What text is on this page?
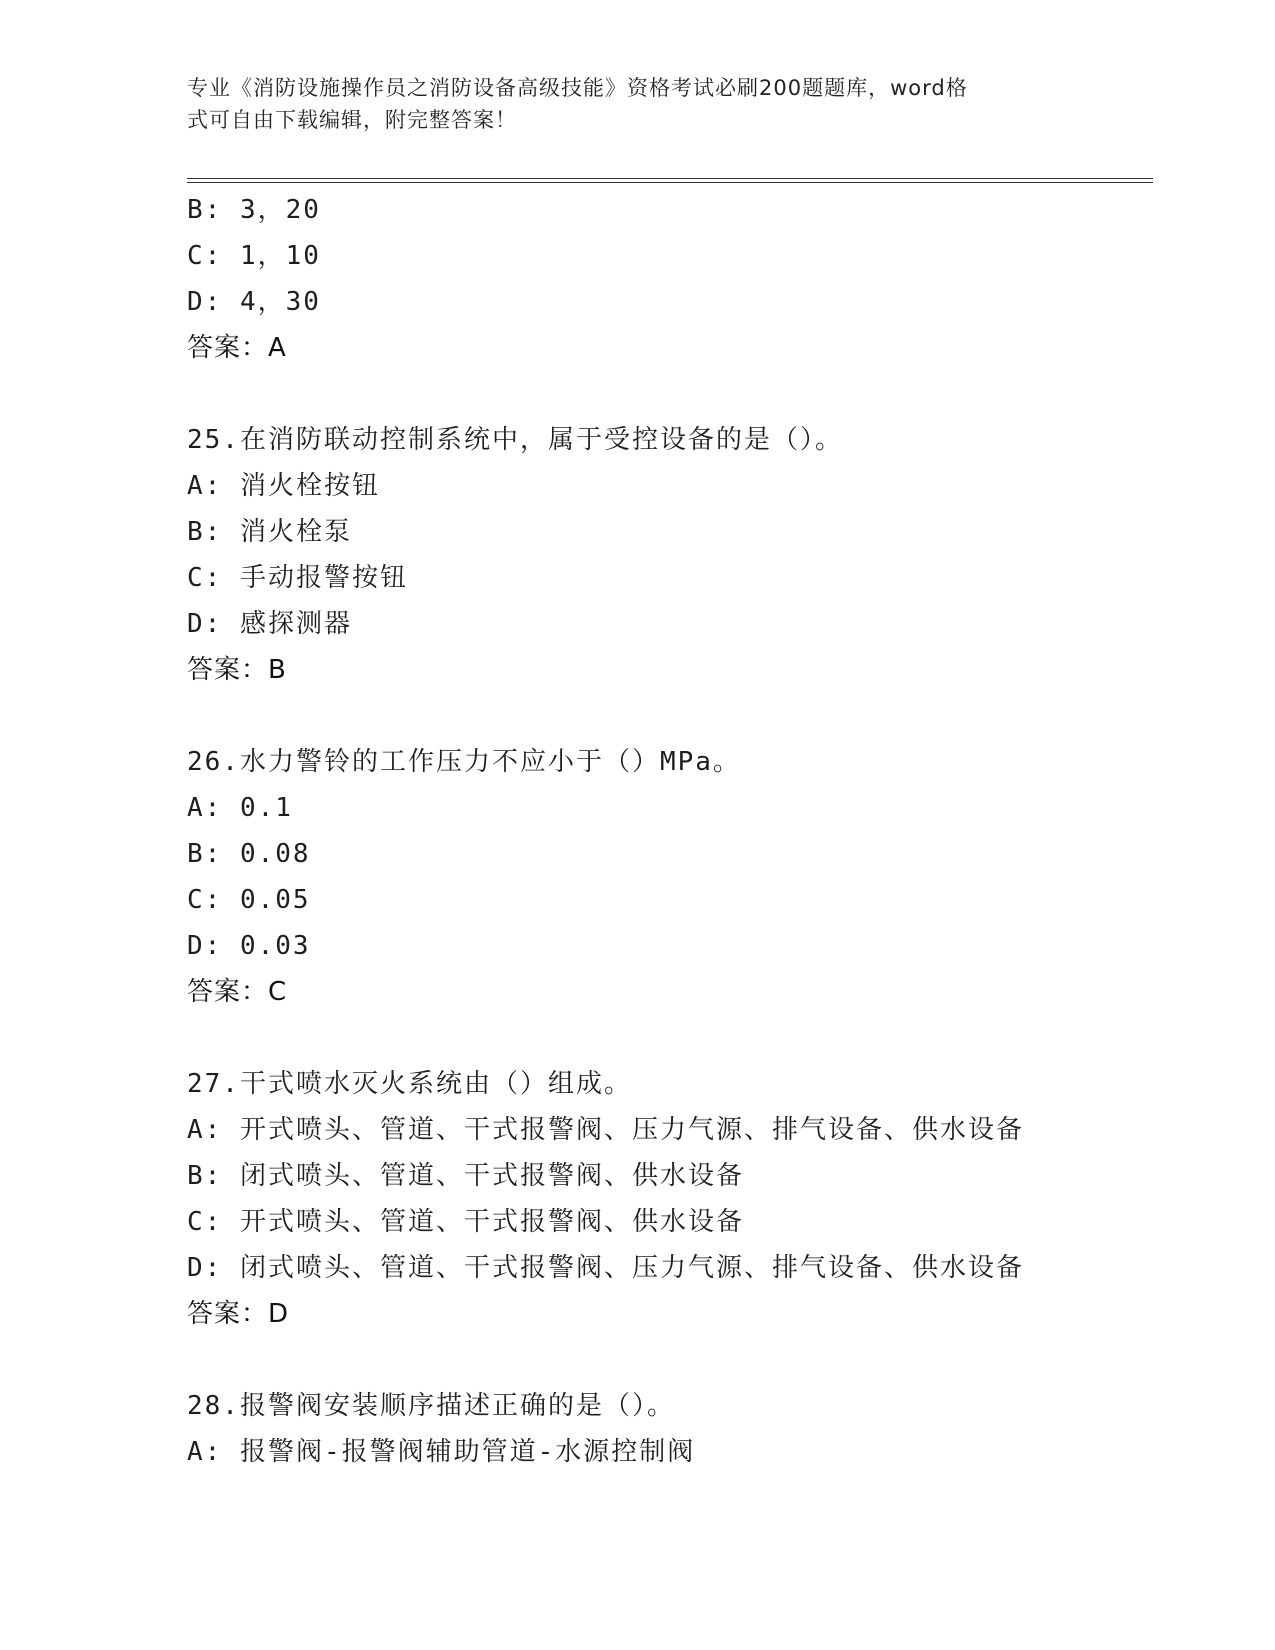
专业《消防设施操作员之消防设备高级技能》资格考试必刷200题题库，word格
式可自由下载编辑，附完整答案！
B: 3，20
C: 1，10
D: 4，30
答案：A
25.在消防联动控制系统中，属于受控设备的是（）。
A: 消火栓按钮
B: 消火栓泵
C: 手动报警按钮
D: 感探测器
答案：B
26.水力警铃的工作压力不应小于（）MPa。
A: 0.1
B: 0.08
C: 0.05
D: 0.03
答案：C
27.干式喷水灭火系统由（）组成。
A: 开式喷头、管道、干式报警阀、压力气源、排气设备、供水设备
B: 闭式喷头、管道、干式报警阀、供水设备
C: 开式喷头、管道、干式报警阀、供水设备
D: 闭式喷头、管道、干式报警阀、压力气源、排气设备、供水设备
答案：D
28.报警阀安装顺序描述正确的是（）。
A: 报警阀-报警阀辅助管道-水源控制阀
